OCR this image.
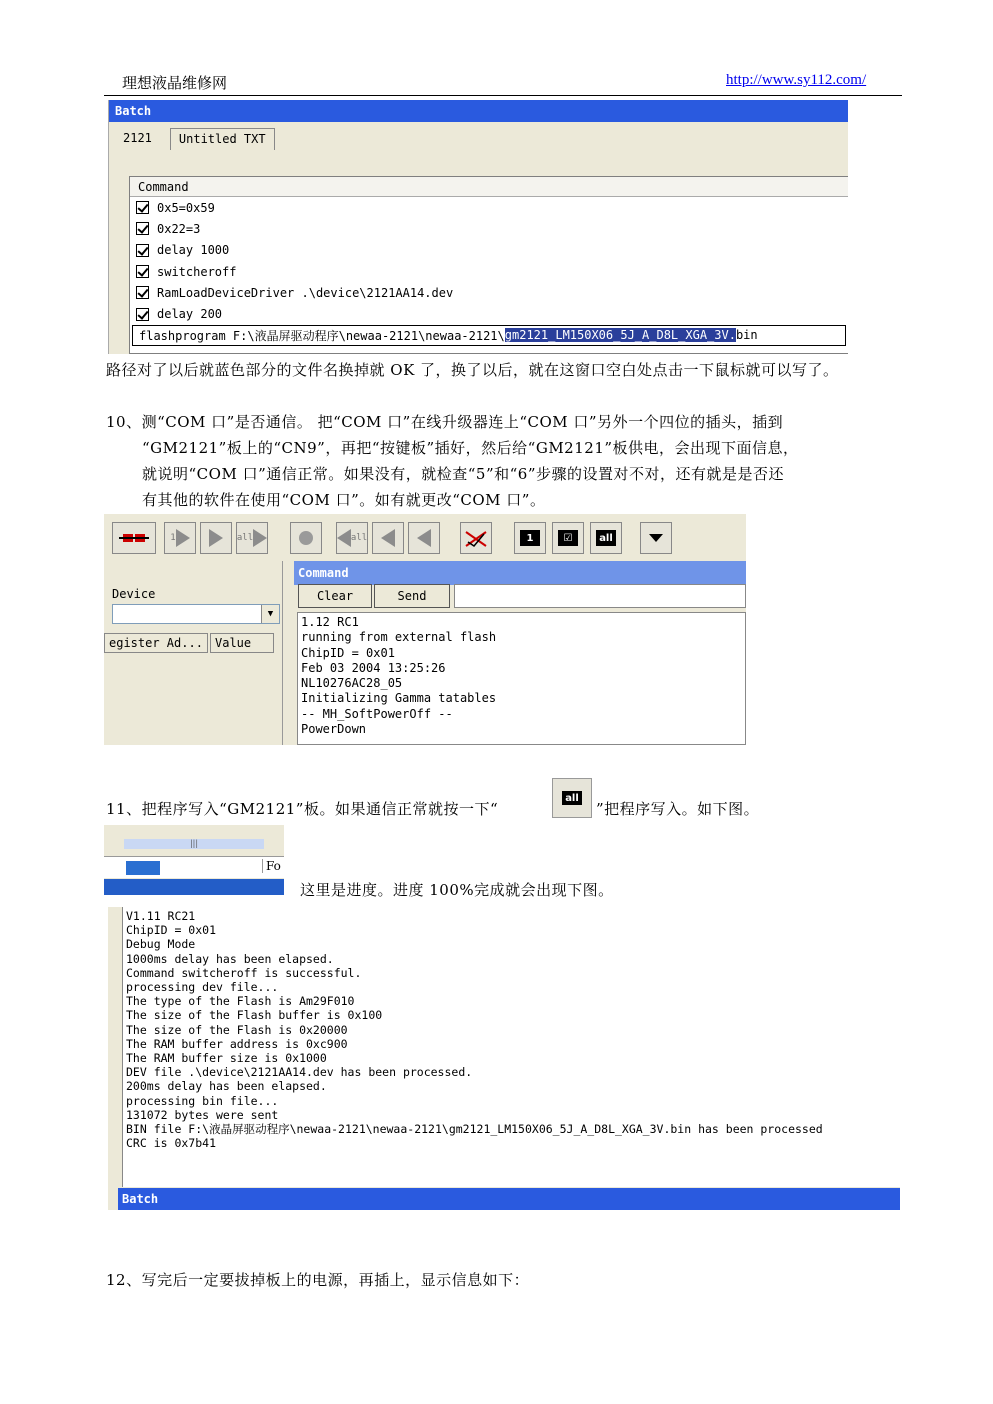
理想液晶维修网	http://www.sy112.com/
Batch
2121	Untitled TXT
Command
0x5=0x59
0x22=3
delay 1000
switcheroff
RamLoadDeviceDriver .\device\2121AA14.dev
delay 200
flashprogram F:\液晶屏驱动程序\newaa-2121\newaa-2121\ gm2121_LM150X06_5J_A_D8L_XGA_3V. bin
路径对了以后就蓝色部分的文件名换掉就 OK 了，换了以后，就在这窗口空白处点击一下鼠标就可以写了。
10、测“COM 口”是否通信。 把“COM 口”在线升级器连上“COM 口”另外一个四位的插头，插到
“GM2121”板上的“CN9”，再把“按键板”插好，然后给“GM2121”板供电，会出现下面信息，
就说明“COM 口”通信正常。如果没有，就检查“5”和“6”步骤的设置对不对，还有就是是否还
有其他的软件在使用“COM 口”。如有就更改“COM 口”。
1	all	all	1	☑	all
Device
▼
egister Ad...	Value
Command
Clear	Send
1.12 RC1
running from external flash
ChipID = 0x01
Feb 03 2004 13:25:26
NL10276AC28_05
Initializing Gamma tatables
-- MH_SoftPowerOff --
PowerDown
11、把程序写入“GM2121”板。如果通信正常就按一下“
all
”把程序写入。如下图。
|||
Fo
这里是进度。进度 100%完成就会出现下图。
V1.11 RC21
ChipID = 0x01
Debug Mode
1000ms delay has been elapsed.
Command switcheroff is successful.
processing dev file...
The type of the Flash is Am29F010
The size of the Flash buffer is 0x100
The size of the Flash is 0x20000
The RAM buffer address is 0xc900
The RAM buffer size is 0x1000
DEV file .\device\2121AA14.dev has been processed.
200ms delay has been elapsed.
processing bin file...
131072 bytes were sent
BIN file F:\液晶屏驱动程序\newaa-2121\newaa-2121\gm2121_LM150X06_5J_A_D8L_XGA_3V.bin has been processed
CRC is 0x7b41
Batch
12、写完后一定要拔掉板上的电源，再插上，显示信息如下：
